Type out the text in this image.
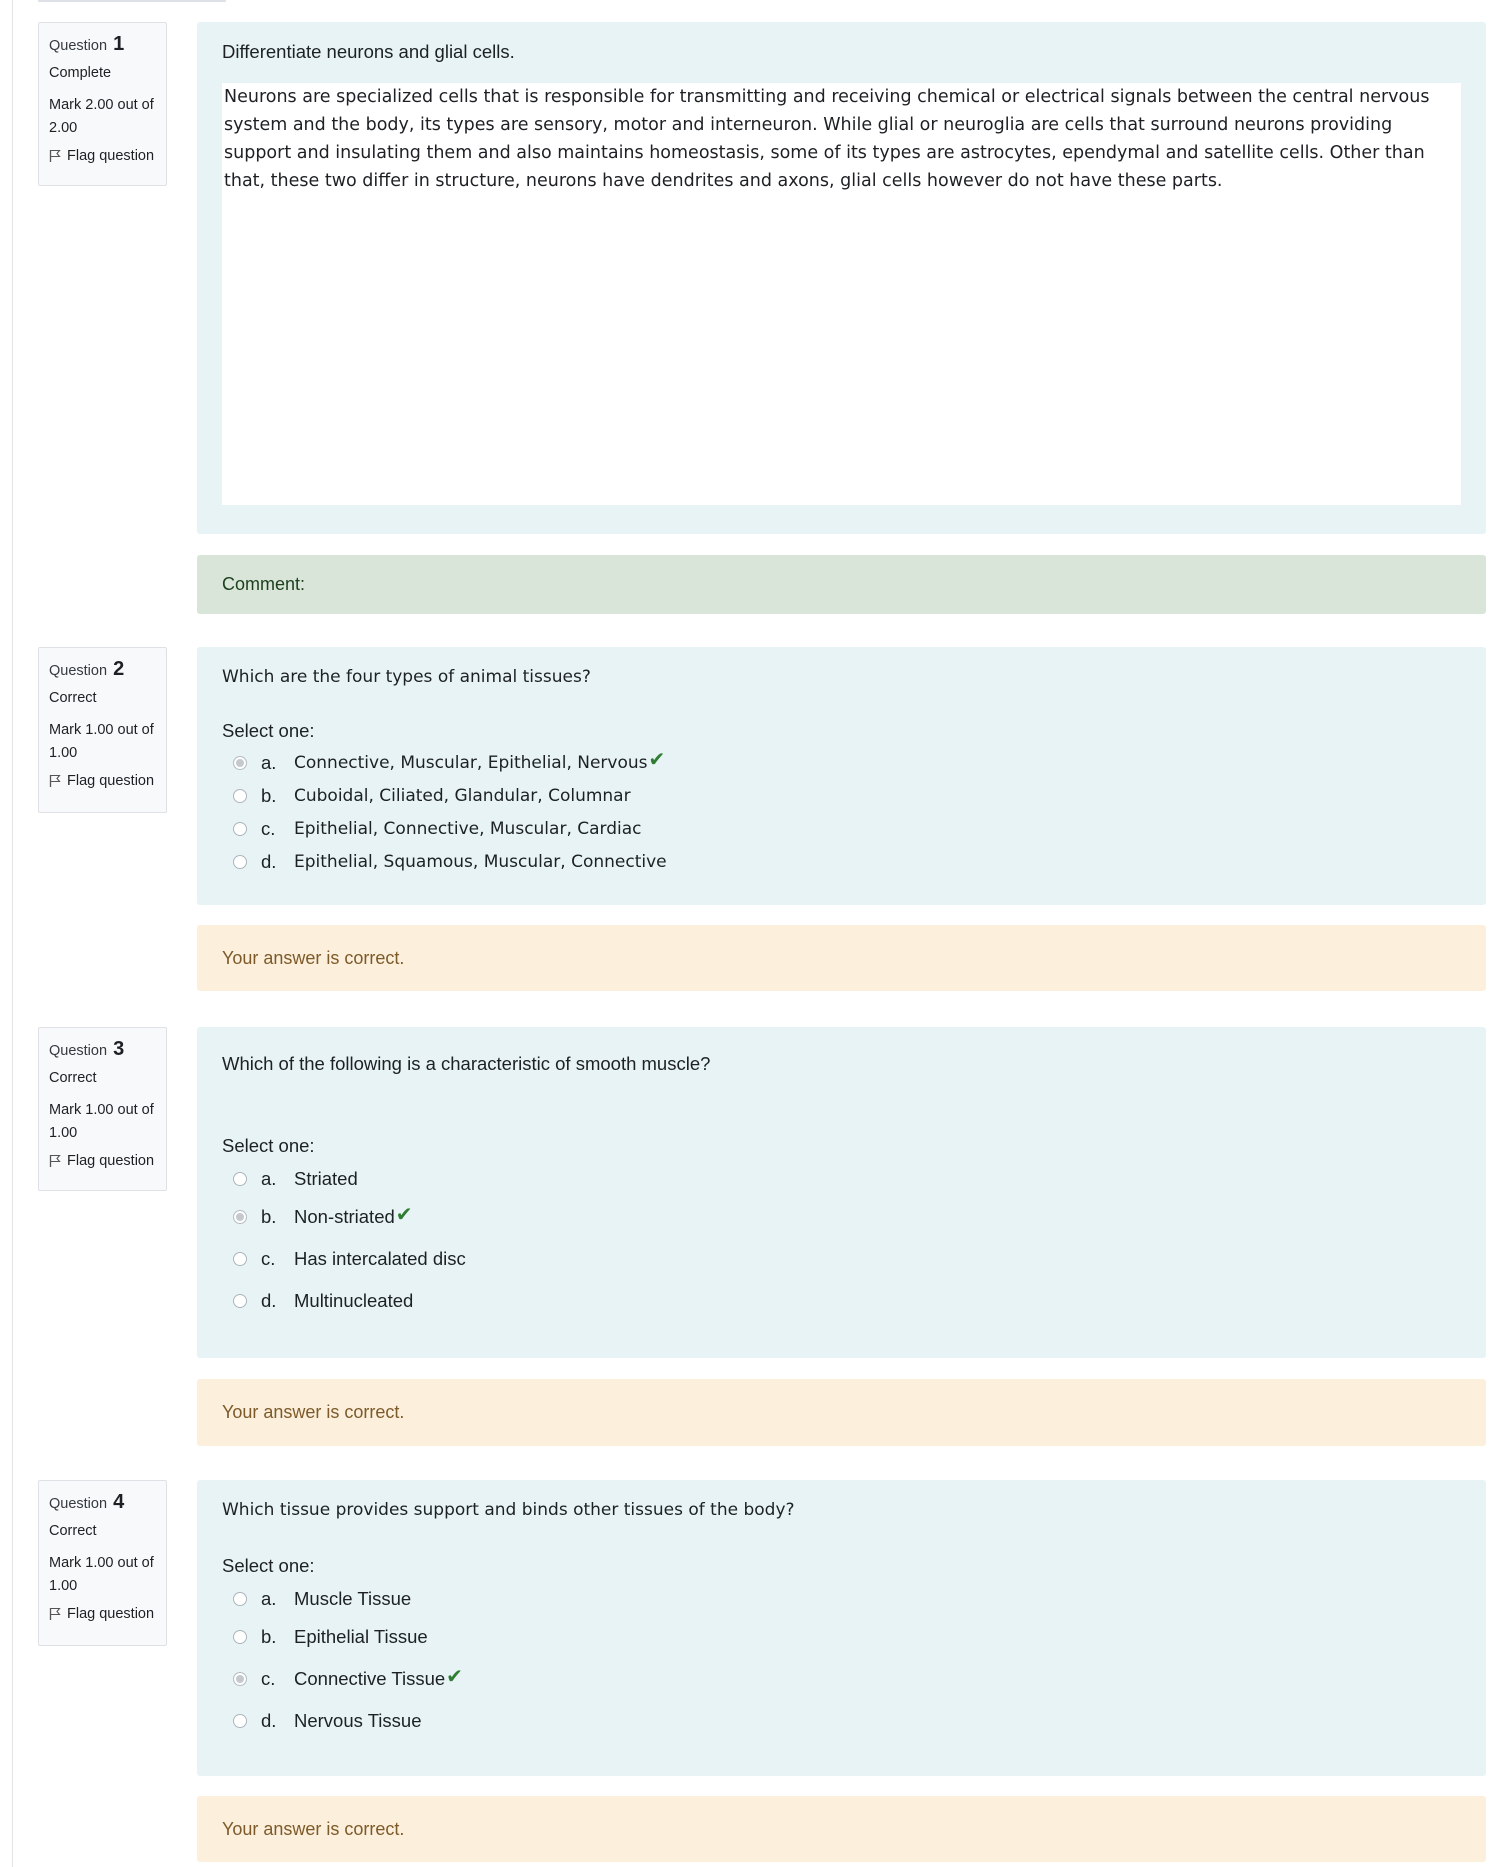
Question 1
Complete
Mark 2.00 out of 2.00
Flag question
Differentiate neurons and glial cells.
Neurons are specialized cells that is responsible for transmitting and receiving chemical or electrical signals between the central nervous system and the body, its types are sensory, motor and interneuron. While glial or neuroglia are cells that surround neurons providing support and insulating them and also maintains homeostasis, some of its types are astrocytes, ependymal and satellite cells. Other than that, these two differ in structure, neurons have dendrites and axons, glial cells however do not have these parts.
Comment:
Question 2
Correct
Mark 1.00 out of 1.00
Flag question
Which are the four types of animal tissues?
Select one:
a.	Connective, Muscular, Epithelial, Nervous ✔
b.	Cuboidal, Ciliated, Glandular, Columnar
c.	Epithelial, Connective, Muscular, Cardiac
d.	Epithelial, Squamous, Muscular, Connective
Your answer is correct.
Question 3
Correct
Mark 1.00 out of 1.00
Flag question
Which of the following is a characteristic of smooth muscle?
Select one:
a. Striated
b. Non-striated ✔
c.	Has intercalated disc
d. Multinucleated
Your answer is correct.
Question 4
Correct
Mark 1.00 out of 1.00
Flag question
Which tissue provides support and binds other tissues of the body?
Select one:
a. Muscle Tissue
b. Epithelial Tissue
c.	Connective Tissue ✔
d. Nervous Tissue
Your answer is correct.
